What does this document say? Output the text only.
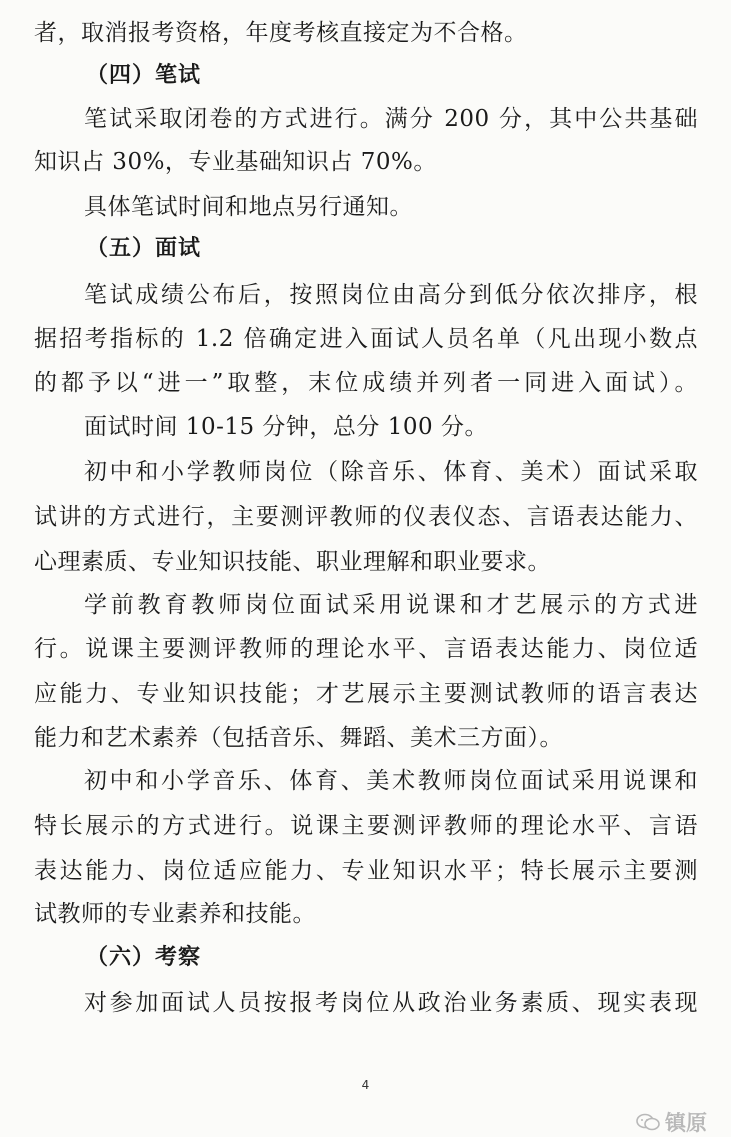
者，取消报考资格，年度考核直接定为不合格。
（四）笔试
笔试采取闭卷的方式进行。满分 200 分，其中公共基础
知识占 30%，专业基础知识占 70%。
具体笔试时间和地点另行通知。
（五）面试
笔试成绩公布后，按照岗位由高分到低分依次排序，根
据招考指标的 1.2 倍确定进入面试人员名单（凡出现小数点
的都予以“进一”取整，末位成绩并列者一同进入面试）。
面试时间 10-15 分钟，总分 100 分。
初中和小学教师岗位（除音乐、体育、美术）面试采取
试讲的方式进行，主要测评教师的仪表仪态、言语表达能力、
心理素质、专业知识技能、职业理解和职业要求。
学前教育教师岗位面试采用说课和才艺展示的方式进
行。说课主要测评教师的理论水平、言语表达能力、岗位适
应能力、专业知识技能；才艺展示主要测试教师的语言表达
能力和艺术素养（包括音乐、舞蹈、美术三方面）。
初中和小学音乐、体育、美术教师岗位面试采用说课和
特长展示的方式进行。说课主要测评教师的理论水平、言语
表达能力、岗位适应能力、专业知识水平；特长展示主要测
试教师的专业素养和技能。
（六）考察
对参加面试人员按报考岗位从政治业务素质、现实表现
4
镇原
